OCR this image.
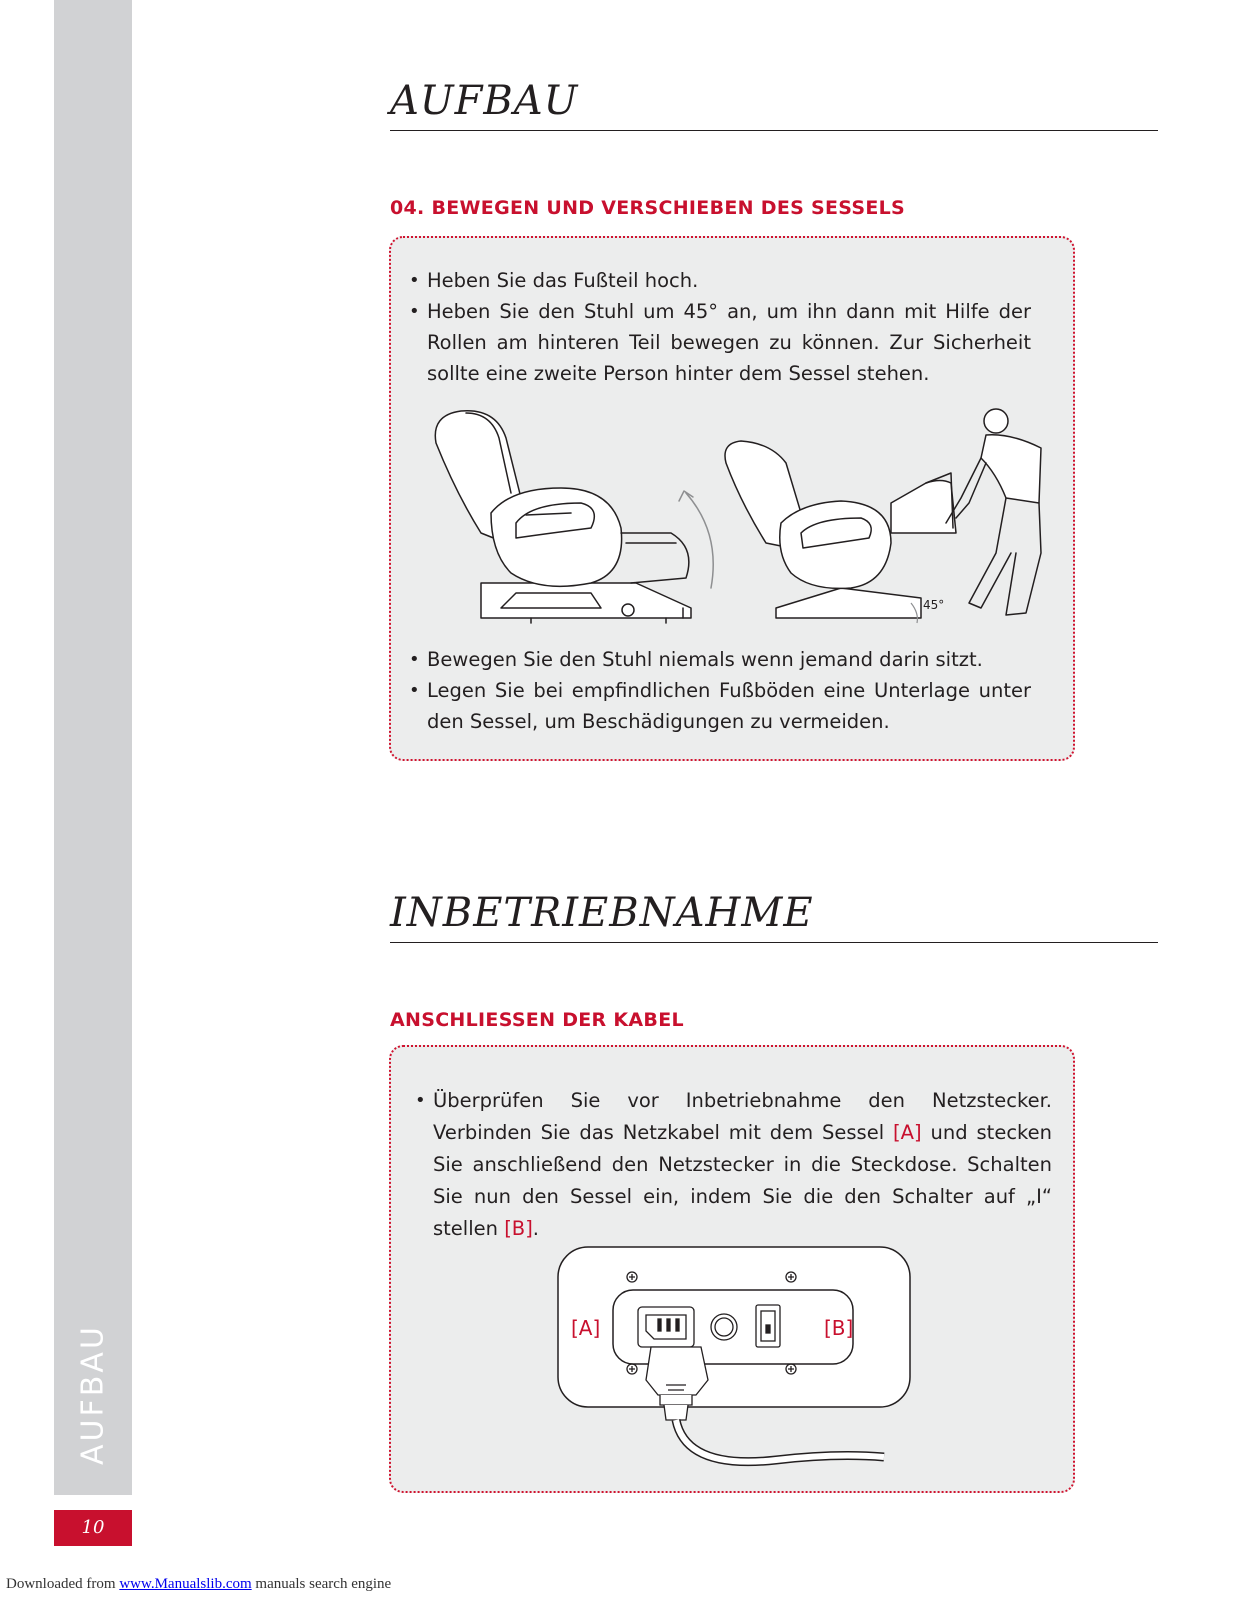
AUFBAU
10
AUFBAU
04. BEWEGEN UND VERSCHIEBEN DES SESSELS
• Heben Sie das Fußteil hoch.
• Heben Sie den Stuhl um 45° an, um ihn dann mit Hilfe der Rollen am hinteren Teil bewegen zu können. Zur Sicherheit sollte eine zweite Person hinter dem Sessel stehen.
45°
• Bewegen Sie den Stuhl niemals wenn jemand darin sitzt.
• Legen Sie bei empfindlichen Fußböden eine Unterlage unter den Sessel, um Beschädigungen zu vermeiden.
INBETRIEBNAHME
ANSCHLIESSEN DER KABEL
• Überprüfen Sie vor Inbetriebnahme den Netzstecker. Verbinden Sie das Netzkabel mit dem Sessel [A] und stecken Sie anschließend den Netzstecker in die Steckdose. Schalten Sie nun den Sessel ein, indem Sie die den Schalter auf „I“ stellen [B].
[A]	[B]
Downloaded from www.Manualslib.com manuals search engine
